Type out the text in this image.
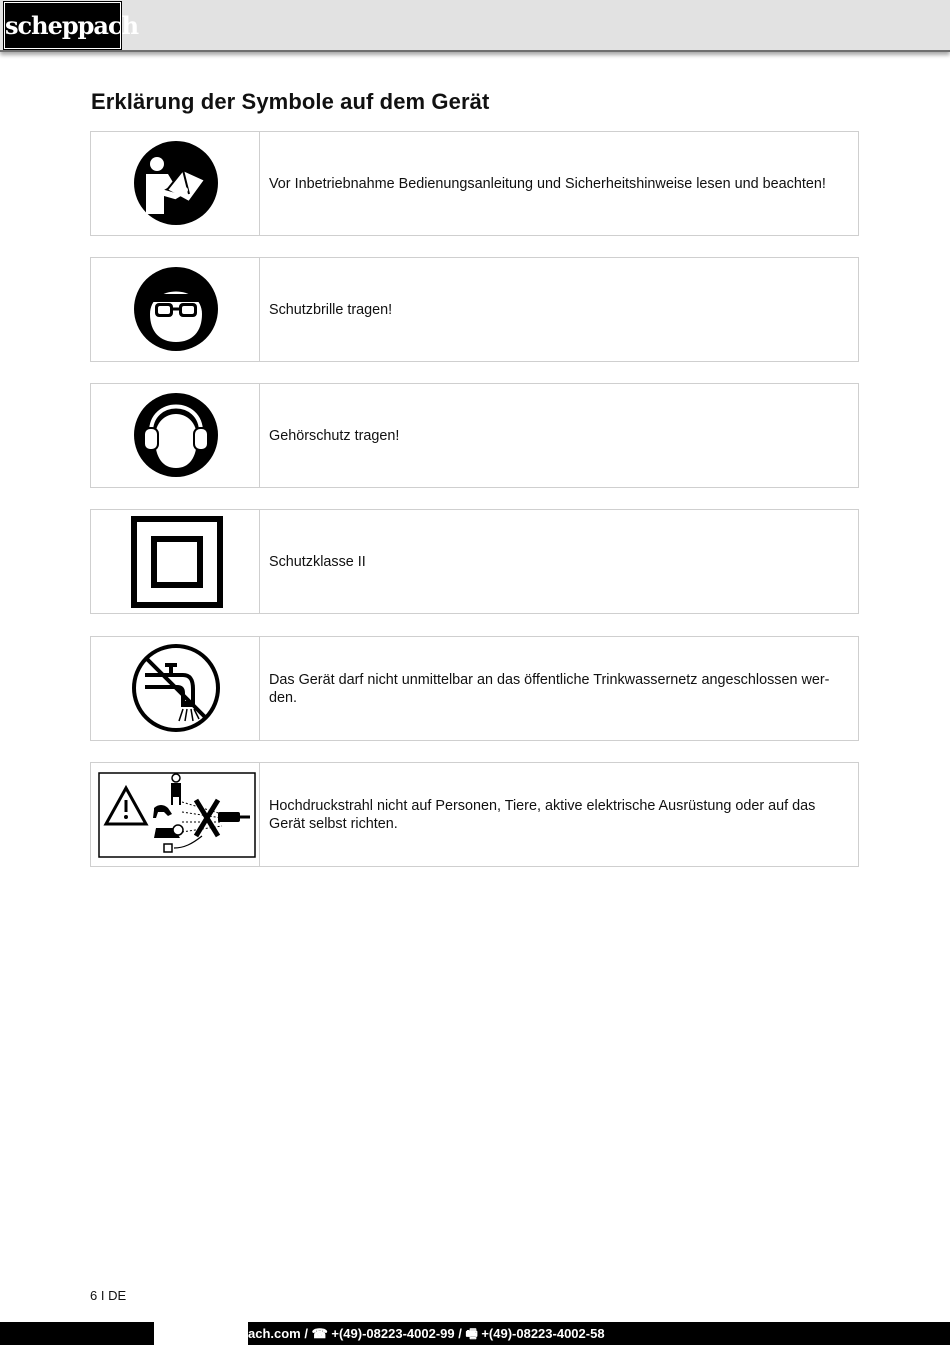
scheppach
Erklärung der Symbole auf dem Gerät
Vor Inbetriebnahme Bedienungsanleitung und Sicherheitshinweise lesen und beachten!
Schutzbrille tragen!
Gehörschutz tragen!
Schutzklasse II
Das Gerät darf nicht unmittelbar an das öffentliche Trinkwassernetz angeschlossen wer-den.
Hochdruckstrahl nicht auf Personen, Tiere, aktive elektrische Ausrüstung oder auf das Gerät selbst richten.
6 I DE
ach.com / ☎ +(49)-08223-4002-99 / 🖷 +(49)-08223-4002-58
